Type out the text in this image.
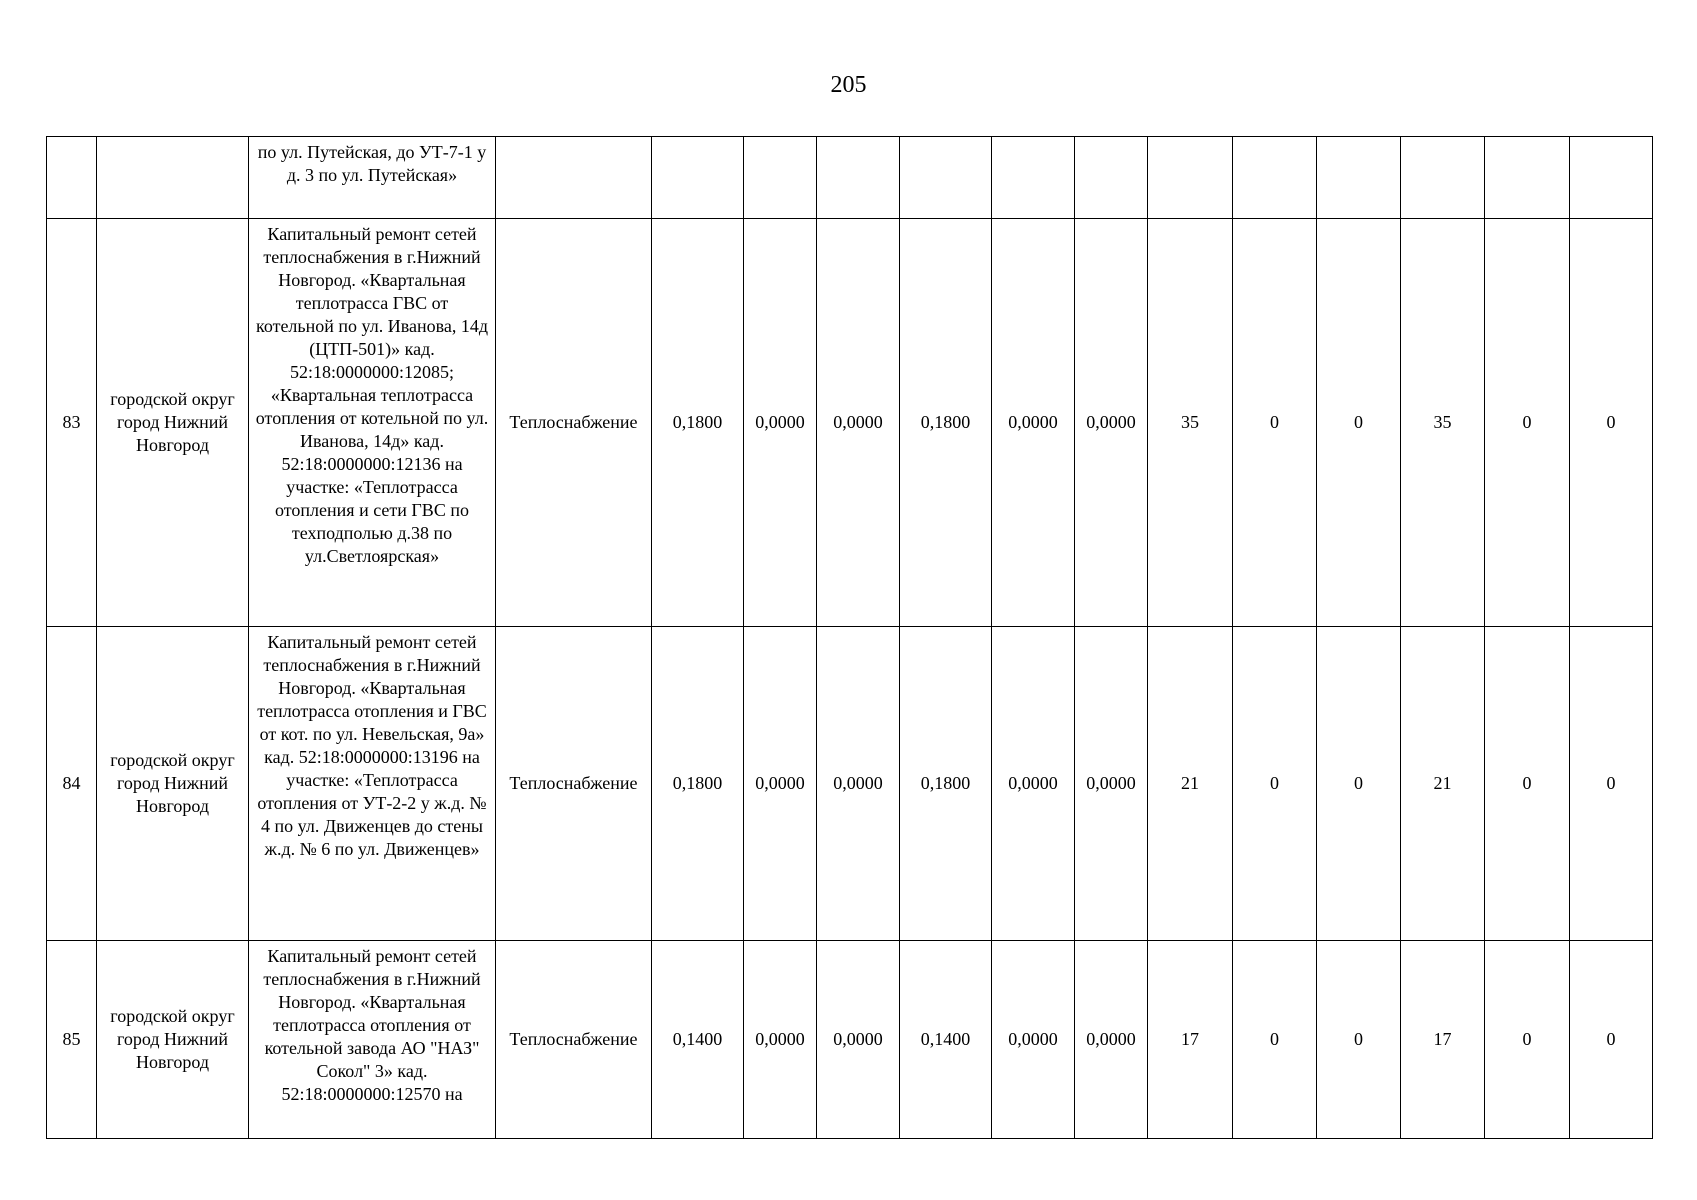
205
		по ул. Путейская, до УТ-7-1 у д. 3 по ул. Путейская»													
83	городской округ город Нижний Новгород	Капитальный ремонт сетей теплоснабжения в г.Нижний Новгород. «Квартальная теплотрасса ГВС от котельной по ул. Иванова, 14д (ЦТП-501)» кад. 52:18:0000000:12085; «Квартальная теплотрасса отопления от котельной по ул. Иванова, 14д» кад. 52:18:0000000:12136 на участке: «Теплотрасса отопления и сети ГВС по техподполью д.38 по ул.Светлоярская»	Теплоснабжение	0,1800	0,0000	0,0000	0,1800	0,0000	0,0000	35	0	0	35	0	0
84	городской округ город Нижний Новгород	Капитальный ремонт сетей теплоснабжения в г.Нижний Новгород. «Квартальная теплотрасса отопления и ГВС от кот. по ул. Невельская, 9а» кад. 52:18:0000000:13196 на участке: «Теплотрасса отопления от УТ-2-2 у ж.д. № 4 по ул. Движенцев до стены ж.д. № 6 по ул. Движенцев»	Теплоснабжение	0,1800	0,0000	0,0000	0,1800	0,0000	0,0000	21	0	0	21	0	0
85	городской округ город Нижний Новгород	Капитальный ремонт сетей теплоснабжения в г.Нижний Новгород. «Квартальная теплотрасса отопления от котельной завода АО "НАЗ" Сокол" 3» кад. 52:18:0000000:12570 на	Теплоснабжение	0,1400	0,0000	0,0000	0,1400	0,0000	0,0000	17	0	0	17	0	0
